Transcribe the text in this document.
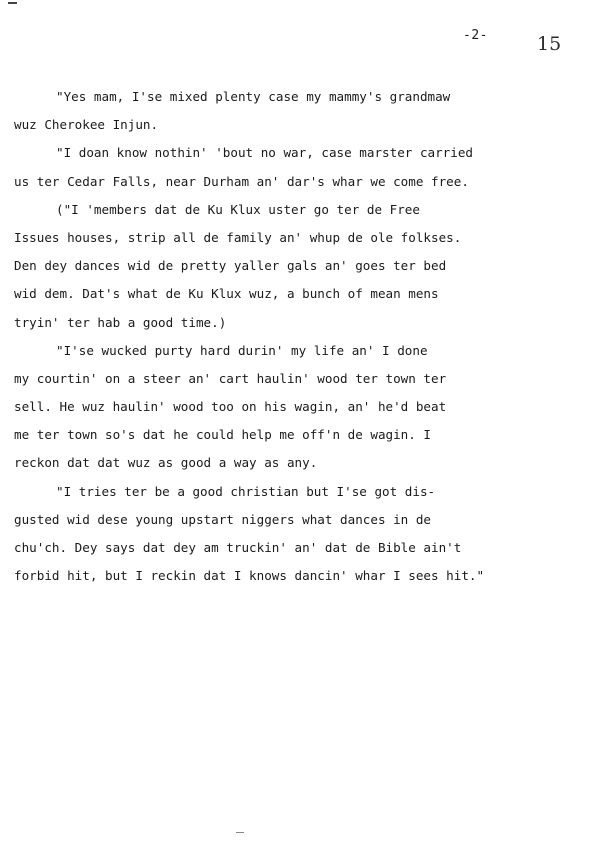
-2-	15
"Yes mam, I'se mixed plenty case my mammy's grandmaw
wuz Cherokee Injun.
"I doan know nothin' 'bout no war, case marster carried
us ter Cedar Falls, near Durham an' dar's whar we come free.
("I 'members dat de Ku Klux uster go ter de Free
Issues houses, strip all de family an' whup de ole folkses.
Den dey dances wid de pretty yaller gals an' goes ter bed
wid dem. Dat's what de Ku Klux wuz, a bunch of mean mens
tryin' ter hab a good time.)
"I'se wucked purty hard durin' my life an' I done
my courtin' on a steer an' cart haulin' wood ter town ter
sell. He wuz haulin' wood too on his wagin, an' he'd beat
me ter town so's dat he could help me off'n de wagin. I
reckon dat dat wuz as good a way as any.
"I tries ter be a good christian but I'se got dis-
gusted wid dese young upstart niggers what dances in de
chu'ch. Dey says dat dey am truckin' an' dat de Bible ain't
forbid hit, but I reckin dat I knows dancin' whar I sees hit."
